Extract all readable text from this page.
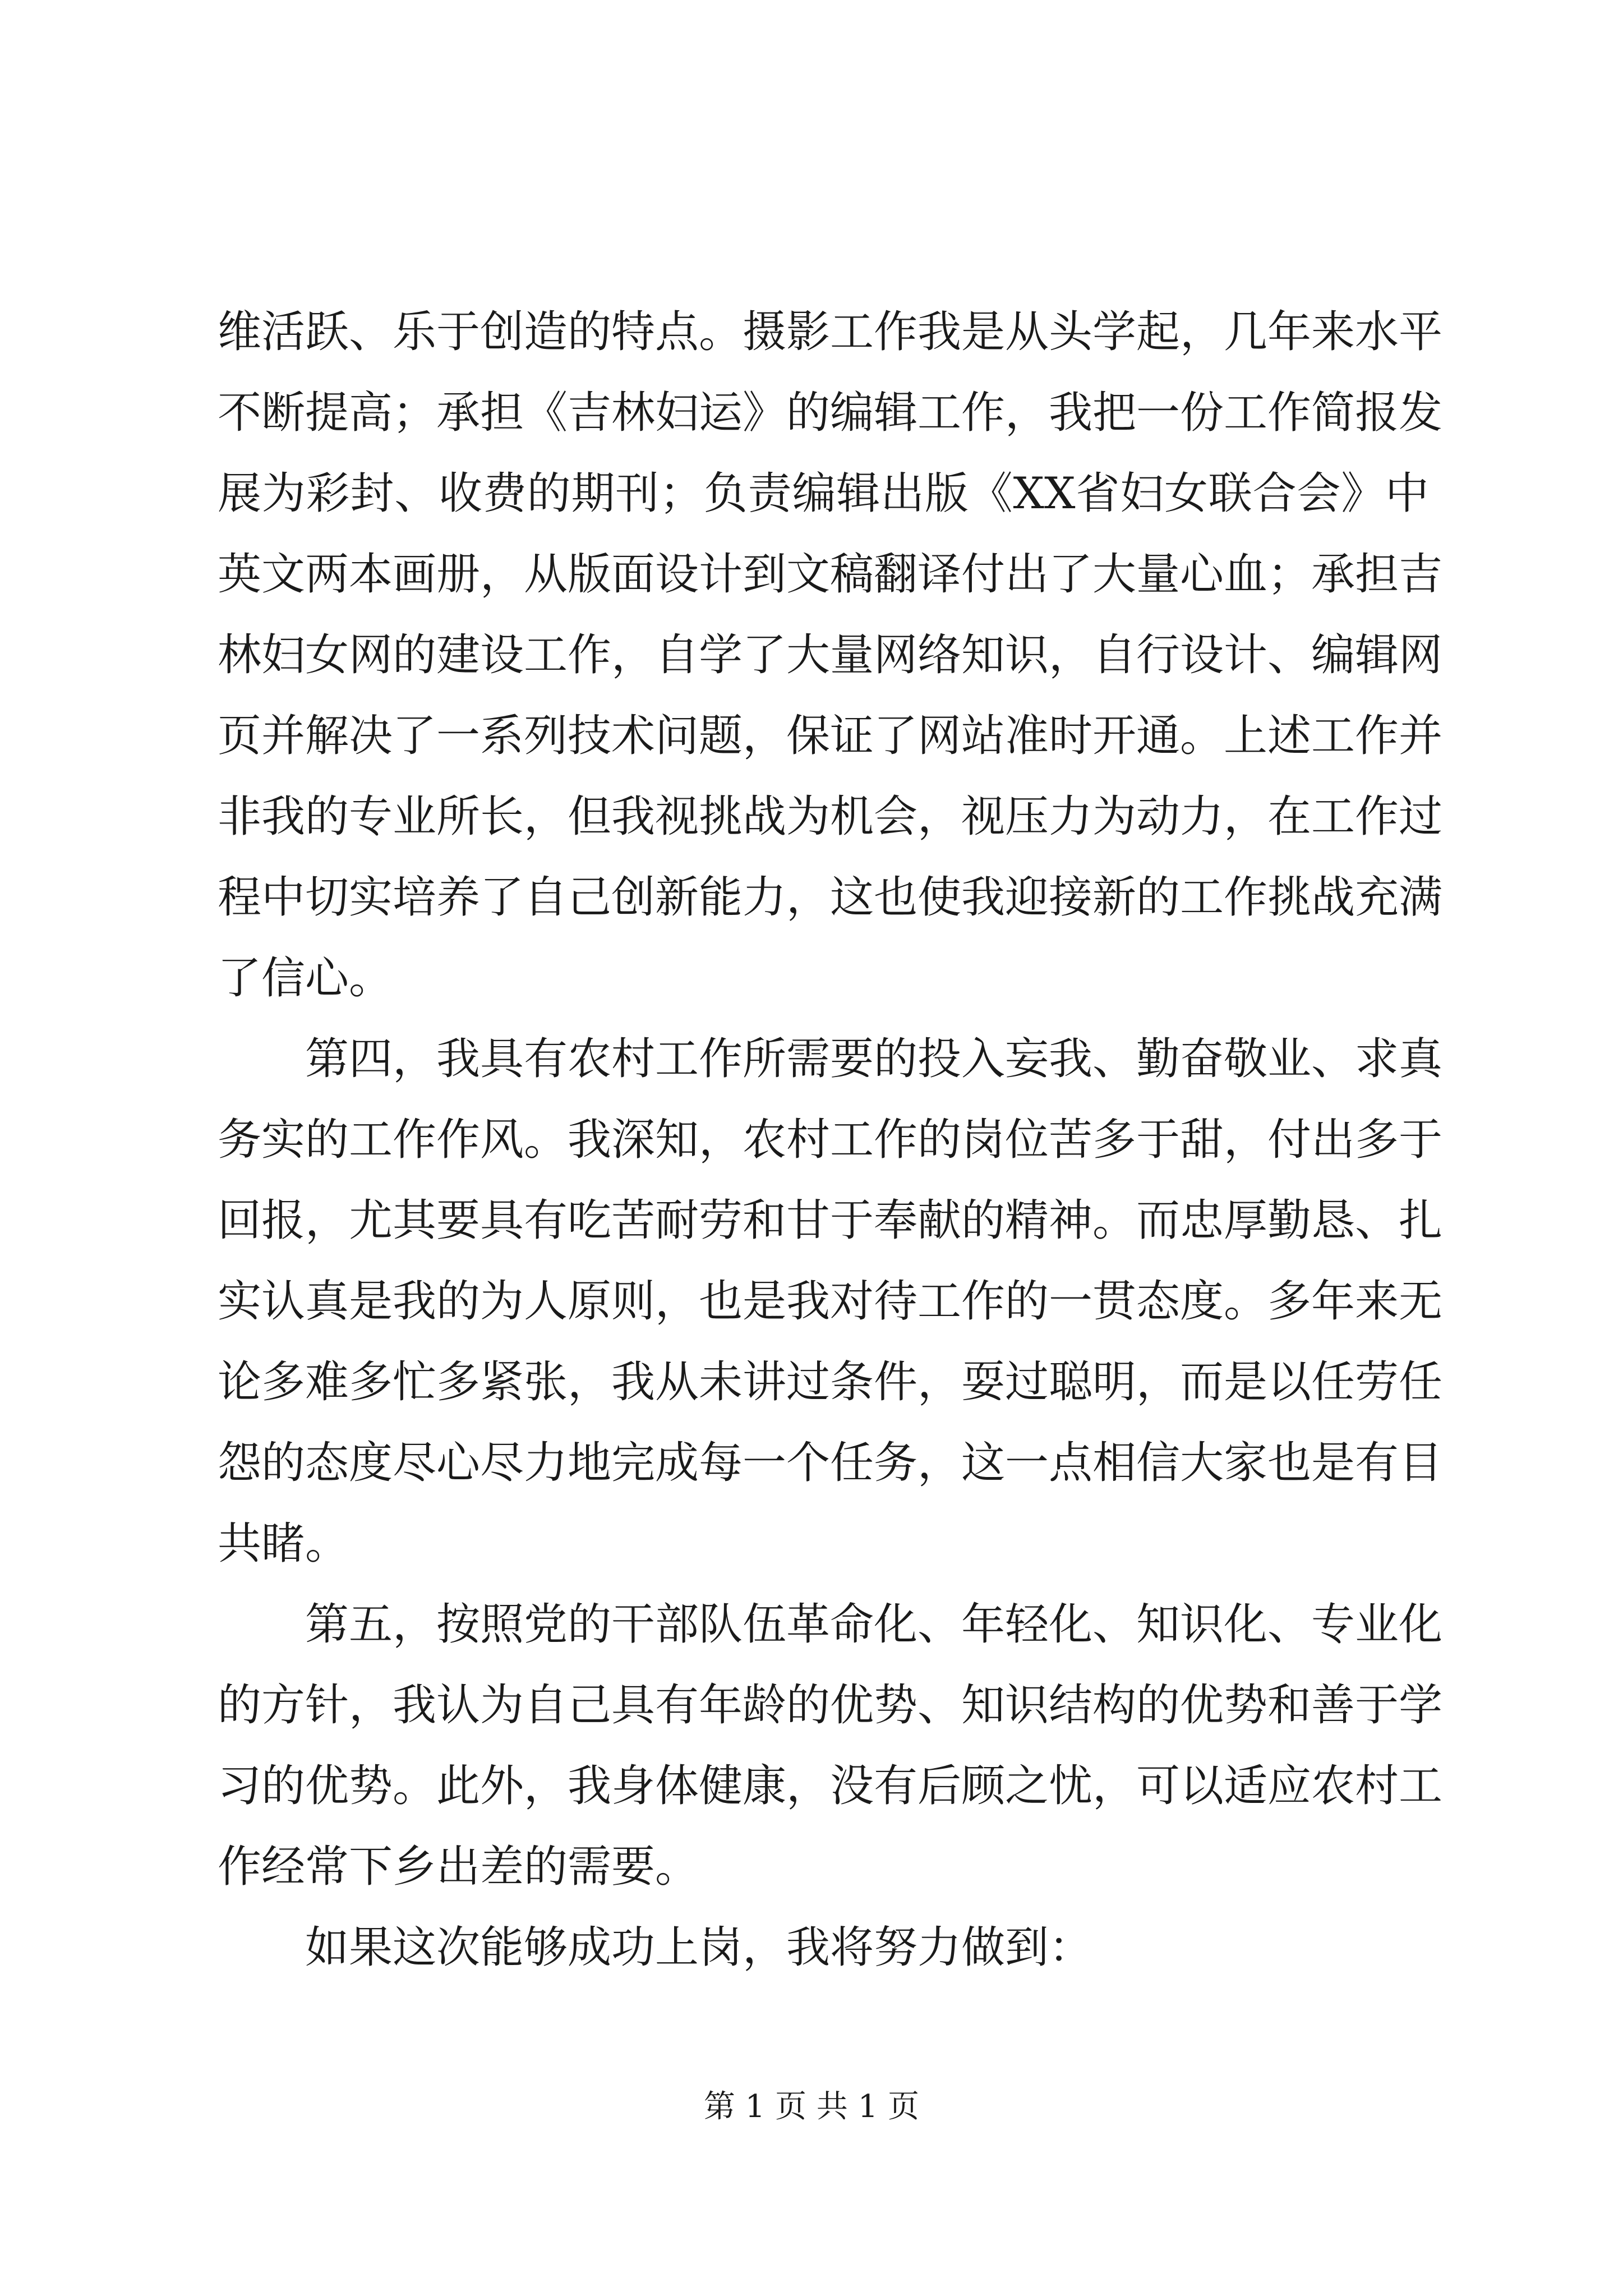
维活跃、乐于创造的特点。摄影工作我是从头学起，几年来水平
不断提高；承担《吉林妇运》的编辑工作，我把一份工作简报发
展为彩封、收费的期刊；负责编辑出版《XX省妇女联合会》中
英文两本画册，从版面设计到文稿翻译付出了大量心血；承担吉
林妇女网的建设工作，自学了大量网络知识，自行设计、编辑网
页并解决了一系列技术问题，保证了网站准时开通。上述工作并
非我的专业所长，但我视挑战为机会，视压力为动力，在工作过
程中切实培养了自己创新能力，这也使我迎接新的工作挑战充满
了信心。
第四，我具有农村工作所需要的投入妄我、勤奋敬业、求真
务实的工作作风。我深知，农村工作的岗位苦多于甜，付出多于
回报，尤其要具有吃苦耐劳和甘于奉献的精神。而忠厚勤恳、扎
实认真是我的为人原则，也是我对待工作的一贯态度。多年来无
论多难多忙多紧张，我从未讲过条件，耍过聪明，而是以任劳任
怨的态度尽心尽力地完成每一个任务，这一点相信大家也是有目
共睹。
第五，按照党的干部队伍革命化、年轻化、知识化、专业化
的方针，我认为自己具有年龄的优势、知识结构的优势和善于学
习的优势。此外，我身体健康，没有后顾之忧，可以适应农村工
作经常下乡出差的需要。
如果这次能够成功上岗，我将努力做到：
第 1 页 共 1 页
